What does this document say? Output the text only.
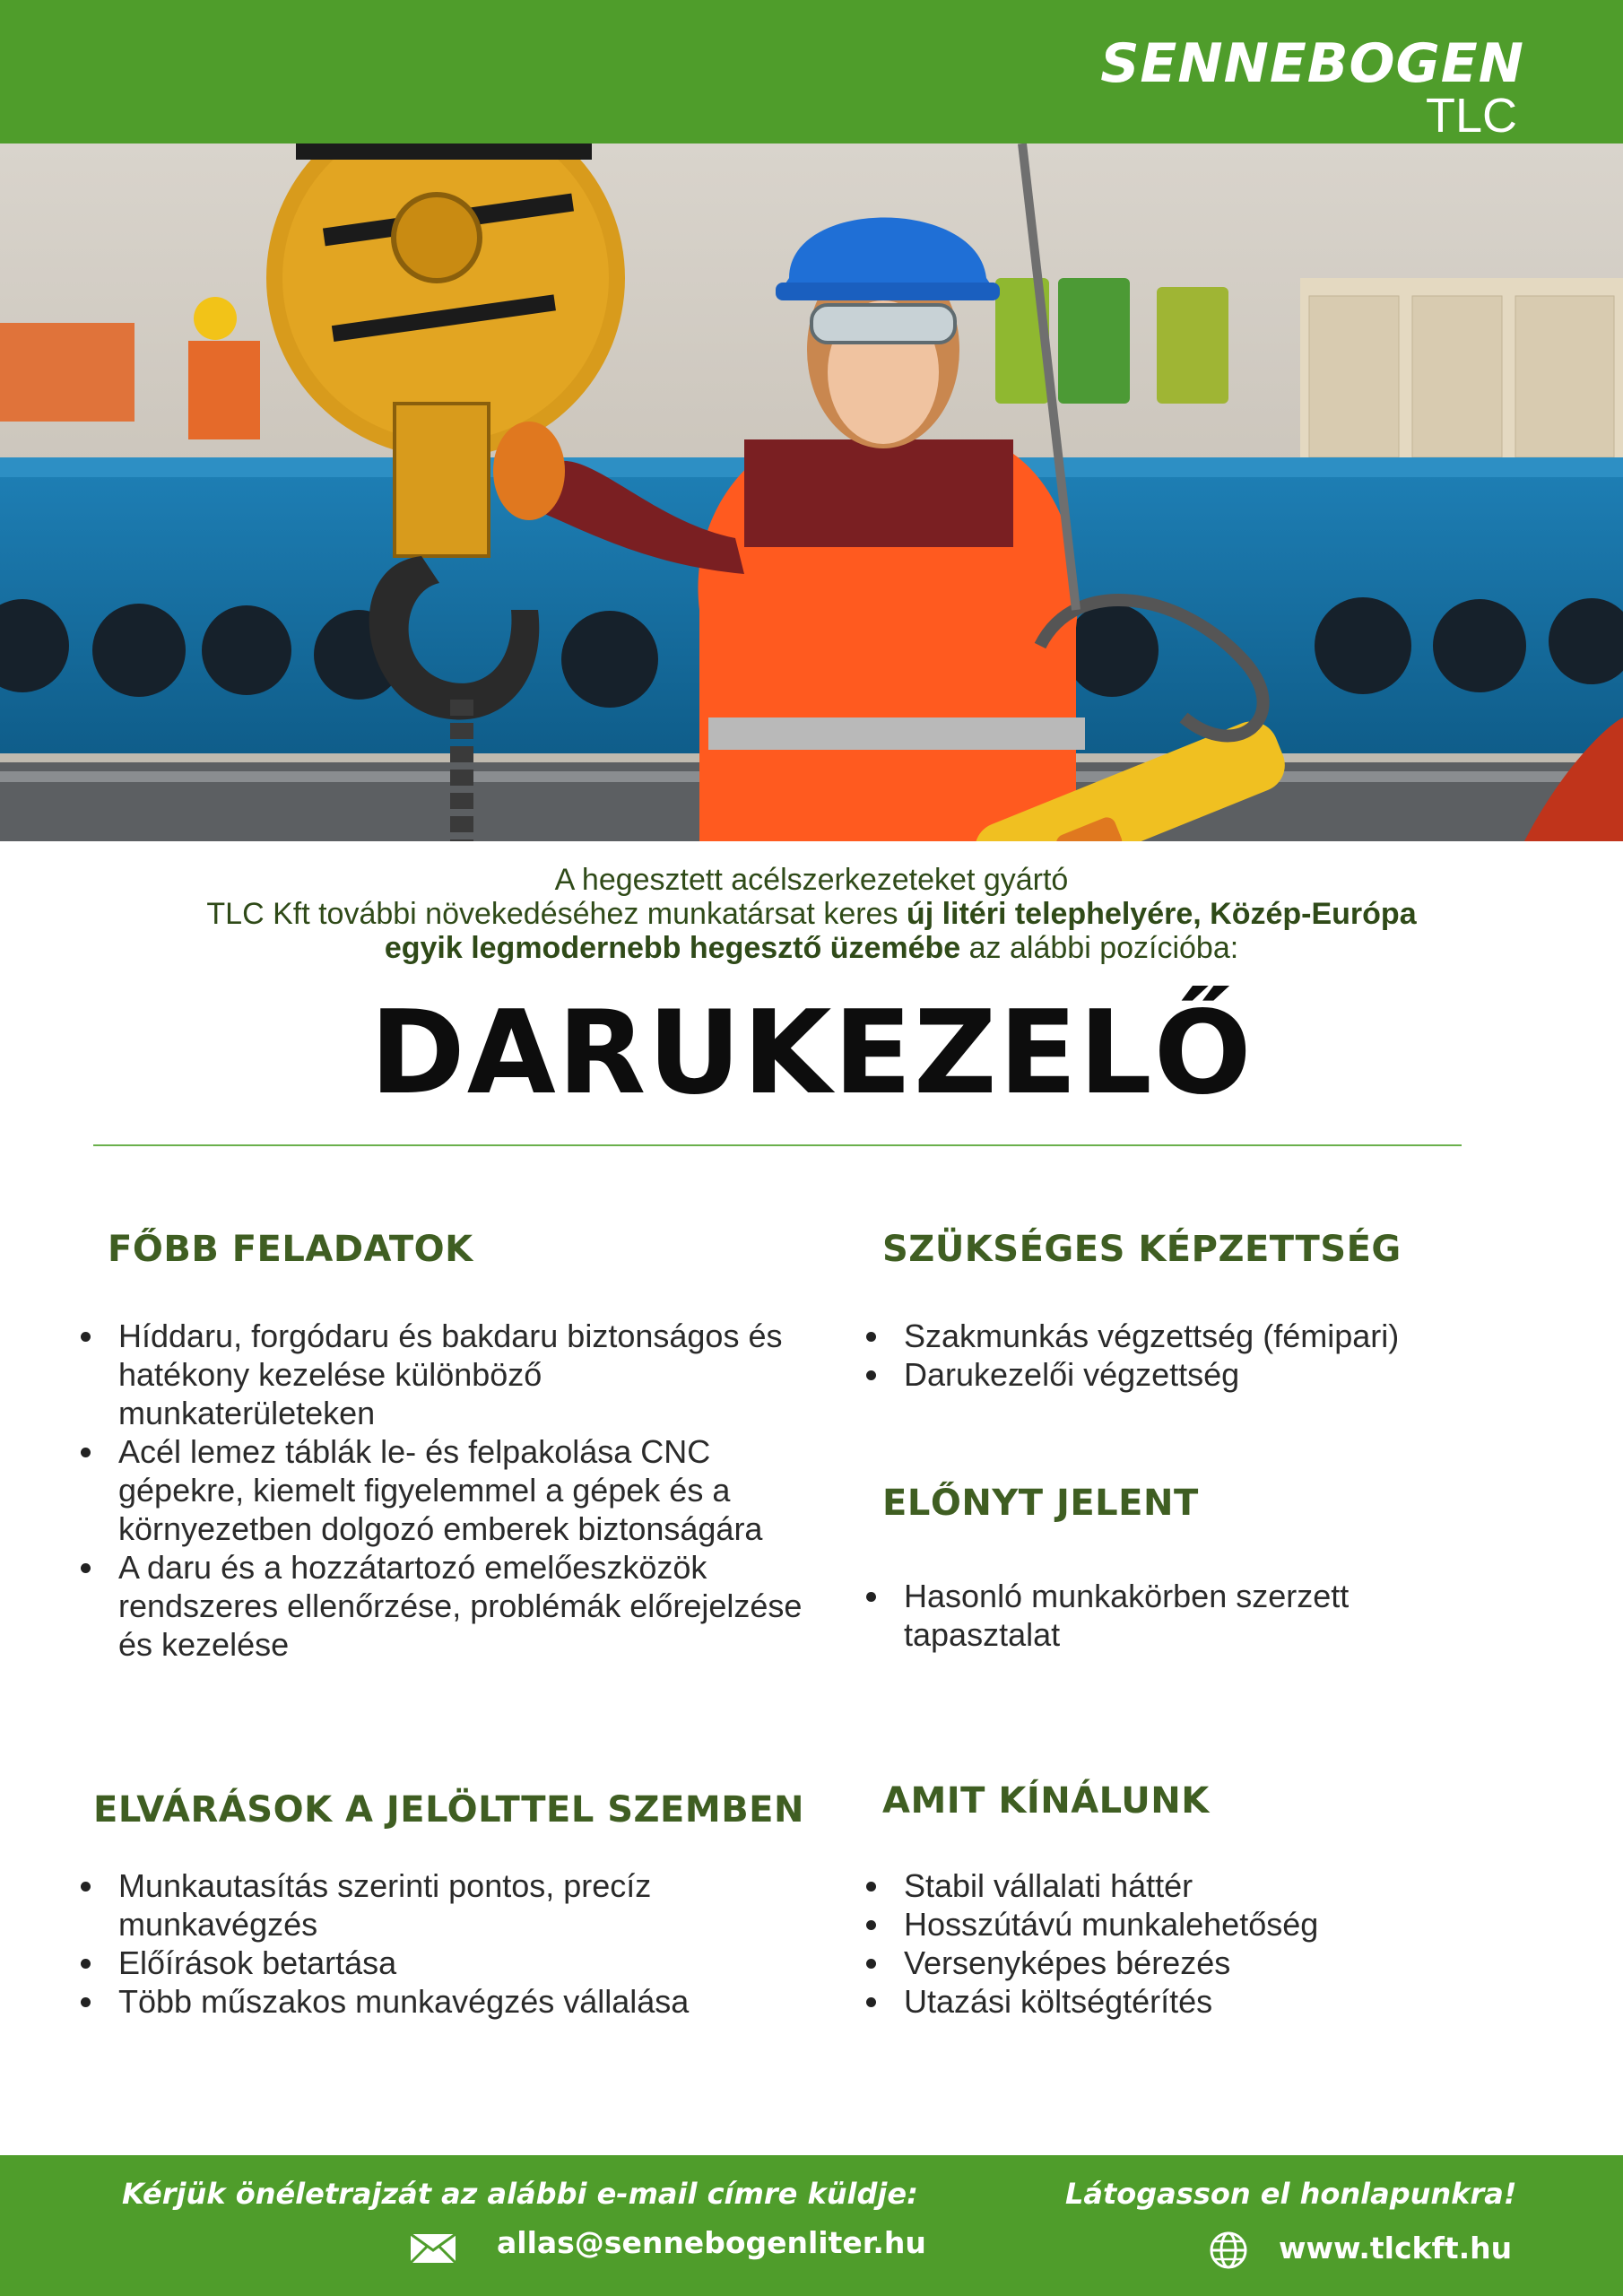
SENNEBOGEN
TLC
A hegesztett acélszerkezeteket gyártó
TLC Kft további növekedéséhez munkatársat keres új litéri telephelyére, Közép-Európa
egyik legmodernebb hegesztő üzemébe az alábbi pozícióba:
DARUKEZELŐ
FŐBB FELADATOK
Híddaru, forgódaru és bakdaru biztonságos és hatékony kezelése különböző munkaterületeken
Acél lemez táblák le- és felpakolása CNC gépekre, kiemelt figyelemmel a gépek és a környezetben dolgozó emberek biztonságára
A daru és a hozzátartozó emelőeszközök rendszeres ellenőrzése, problémák előrejelzése és kezelése
ELVÁRÁSOK A JELÖLTTEL SZEMBEN
Munkautasítás szerinti pontos, precíz munkavégzés
Előírások betartása
Több műszakos munkavégzés vállalása
SZÜKSÉGES KÉPZETTSÉG
Szakmunkás végzettség (fémipari)
Darukezelői végzettség
ELŐNYT JELENT
Hasonló munkakörben szerzett tapasztalat
AMIT KÍNÁLUNK
Stabil vállalati háttér
Hosszútávú munkalehetőség
Versenyképes bérezés
Utazási költségtérítés
Kérjük önéletrajzát az alábbi e-mail címre küldje:
allas@sennebogenliter.hu
Látogasson el honlapunkra!
www.tlckft.hu
